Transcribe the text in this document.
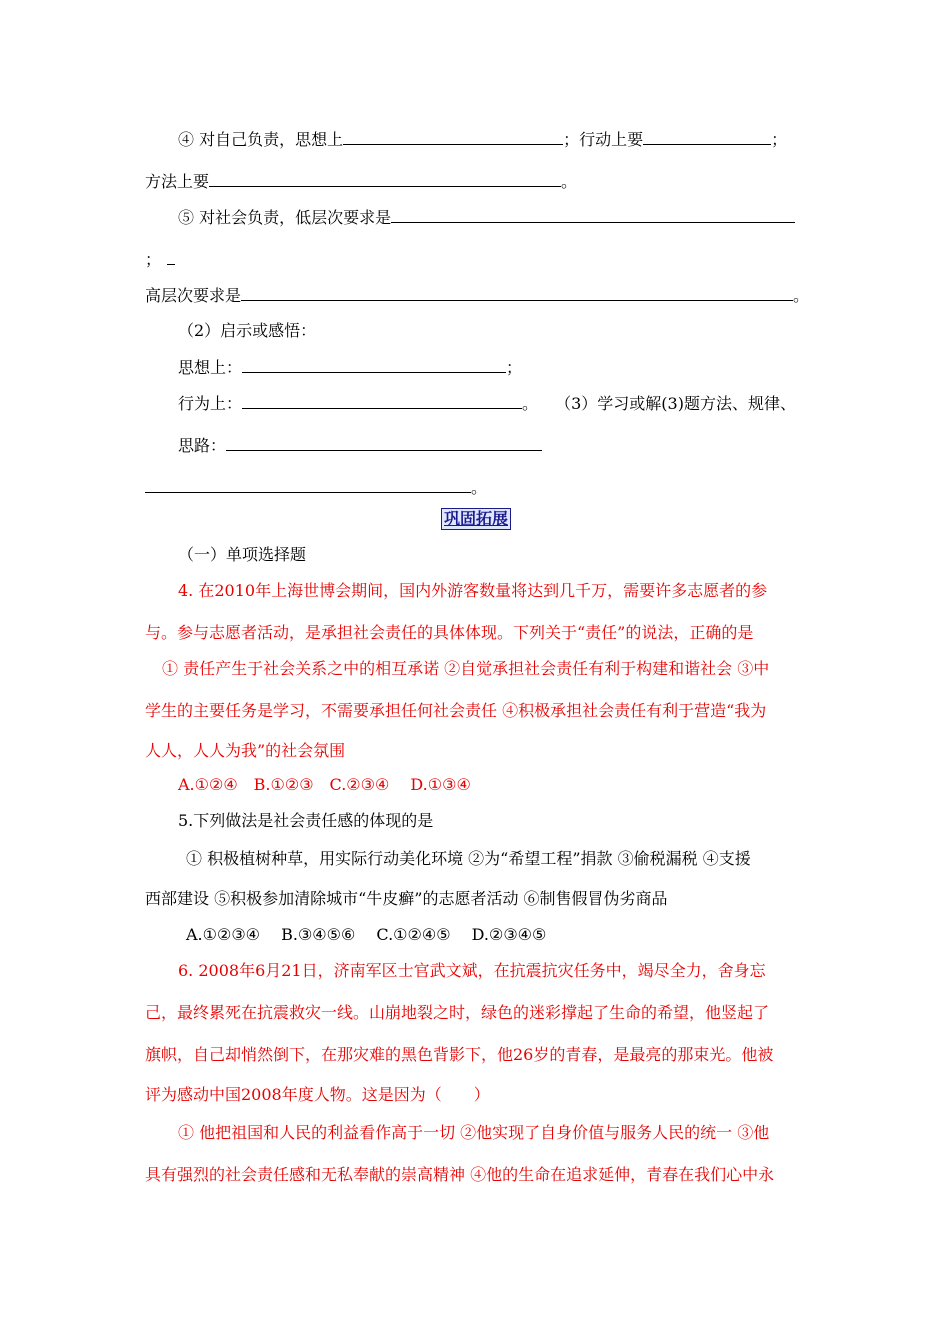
④ 对自己负责，思想上	；行动上要	；
方法上要	。
⑤ 对社会负责，低层次要求是
；
高层次要求是	。
（2）启示或感悟：
思想上：	；
行为上：	。 （3）学习或解(3)题方法、规律、
思路：
。
巩固拓展
（一）单项选择题
4. 在2010年上海世博会期间，国内外游客数量将达到几千万，需要许多志愿者的参
与。参与志愿者活动，是承担社会责任的具体体现。下列关于“责任”的说法，正确的是
① 责任产生于社会关系之中的相互承诺 ②自觉承担社会责任有利于构建和谐社会 ③中
学生的主要任务是学习，不需要承担任何社会责任 ④积极承担社会责任有利于营造“我为
人人，人人为我”的社会氛围
A.①②④　B.①②③　C.②③④　 D.①③④
5.下列做法是社会责任感的体现的是
① 积极植树种草，用实际行动美化环境 ②为“希望工程”捐款 ③偷税漏税 ④支援
西部建设 ⑤积极参加清除城市“牛皮癣”的志愿者活动 ⑥制售假冒伪劣商品
A.①②③④　 B.③④⑤⑥　 C.①②④⑤　 D.②③④⑤
6. 2008年6月21日，济南军区士官武文斌，在抗震抗灾任务中，竭尽全力，舍身忘
己，最终累死在抗震救灾一线。山崩地裂之时，绿色的迷彩撑起了生命的希望，他竖起了
旗帜，自己却悄然倒下，在那灾难的黑色背影下，他26岁的青春，是最亮的那束光。他被
评为感动中国2008年度人物。这是因为（　　）
① 他把祖国和人民的利益看作高于一切 ②他实现了自身价值与服务人民的统一 ③他
具有强烈的社会责任感和无私奉献的崇高精神 ④他的生命在追求延伸，青春在我们心中永
